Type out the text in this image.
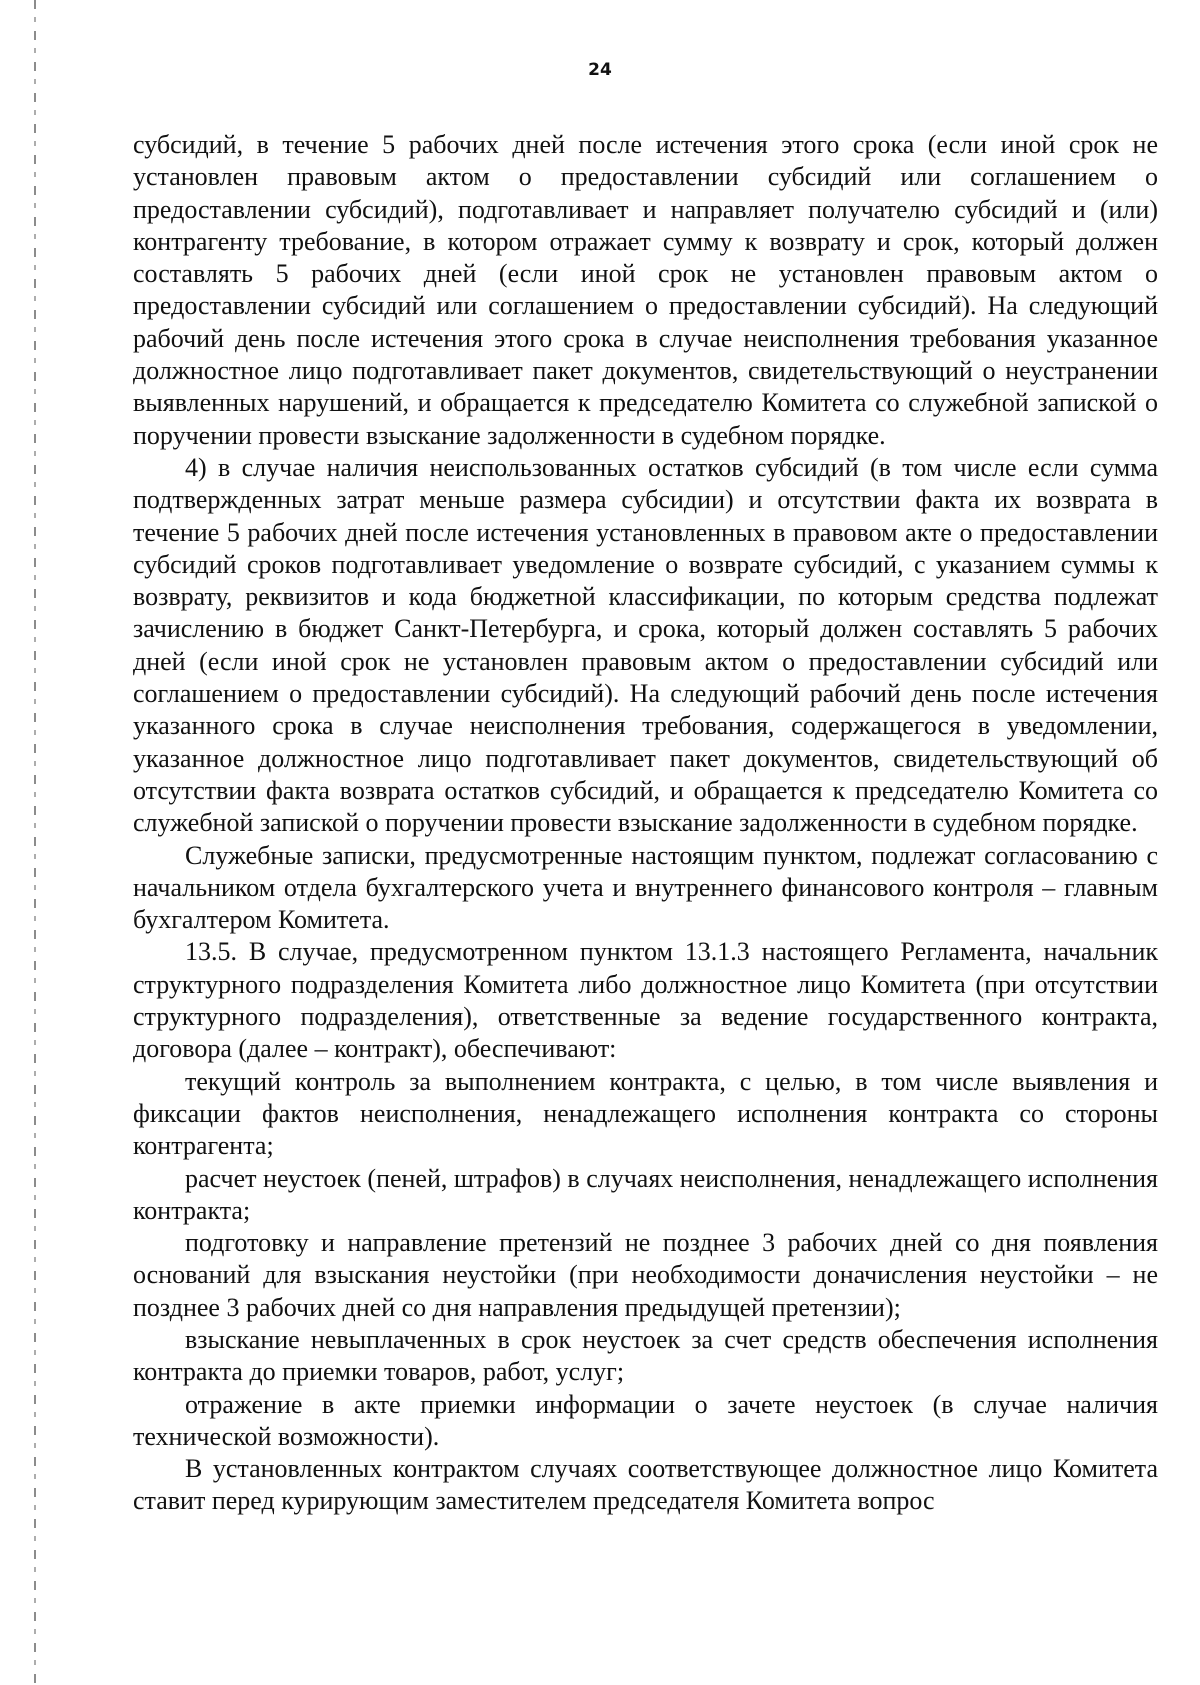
24

субсидий, в течение 5 рабочих дней после истечения этого срока (если иной срок не установлен правовым актом о предоставлении субсидий или соглашением о предоставлении субсидий), подготавливает и направляет получателю субсидий и (или) контрагенту требование, в котором отражает сумму к возврату и срок, который должен составлять 5 рабочих дней (если иной срок не установлен правовым актом о предоставлении субсидий или соглашением о предоставлении субсидий). На следующий рабочий день после истечения этого срока в случае неисполнения требования указанное должностное лицо подготавливает пакет документов, свидетельствующий о неустранении выявленных нарушений, и обращается к председателю Комитета со служебной запиской о поручении провести взыскание задолженности в судебном порядке.

4) в случае наличия неиспользованных остатков субсидий (в том числе если сумма подтвержденных затрат меньше размера субсидии) и отсутствии факта их возврата в течение 5 рабочих дней после истечения установленных в правовом акте о предоставлении субсидий сроков подготавливает уведомление о возврате субсидий, с указанием суммы к возврату, реквизитов и кода бюджетной классификации, по которым средства подлежат зачислению в бюджет Санкт-Петербурга, и срока, который должен составлять 5 рабочих дней (если иной срок не установлен правовым актом о предоставлении субсидий или соглашением о предоставлении субсидий). На следующий рабочий день после истечения указанного срока в случае неисполнения требования, содержащегося в уведомлении, указанное должностное лицо подготавливает пакет документов, свидетельствующий об отсутствии факта возврата остатков субсидий, и обращается к председателю Комитета со служебной запиской о поручении провести взыскание задолженности в судебном порядке.

Служебные записки, предусмотренные настоящим пунктом, подлежат согласованию с начальником отдела бухгалтерского учета и внутреннего финансового контроля – главным бухгалтером Комитета.

13.5. В случае, предусмотренном пунктом 13.1.3 настоящего Регламента, начальник структурного подразделения Комитета либо должностное лицо Комитета (при отсутствии структурного подразделения), ответственные за ведение государственного контракта, договора (далее – контракт), обеспечивают:

текущий контроль за выполнением контракта, с целью, в том числе выявления и фиксации фактов неисполнения, ненадлежащего исполнения контракта со стороны контрагента;

расчет неустоек (пеней, штрафов) в случаях неисполнения, ненадлежащего исполнения контракта;

подготовку и направление претензий не позднее 3 рабочих дней со дня появления оснований для взыскания неустойки (при необходимости доначисления неустойки – не позднее 3 рабочих дней со дня направления предыдущей претензии);

взыскание невыплаченных в срок неустоек за счет средств обеспечения исполнения контракта до приемки товаров, работ, услуг;

отражение в акте приемки информации о зачете неустоек (в случае наличия технической возможности).

В установленных контрактом случаях соответствующее должностное лицо Комитета ставит перед курирующим заместителем председателя Комитета вопрос
